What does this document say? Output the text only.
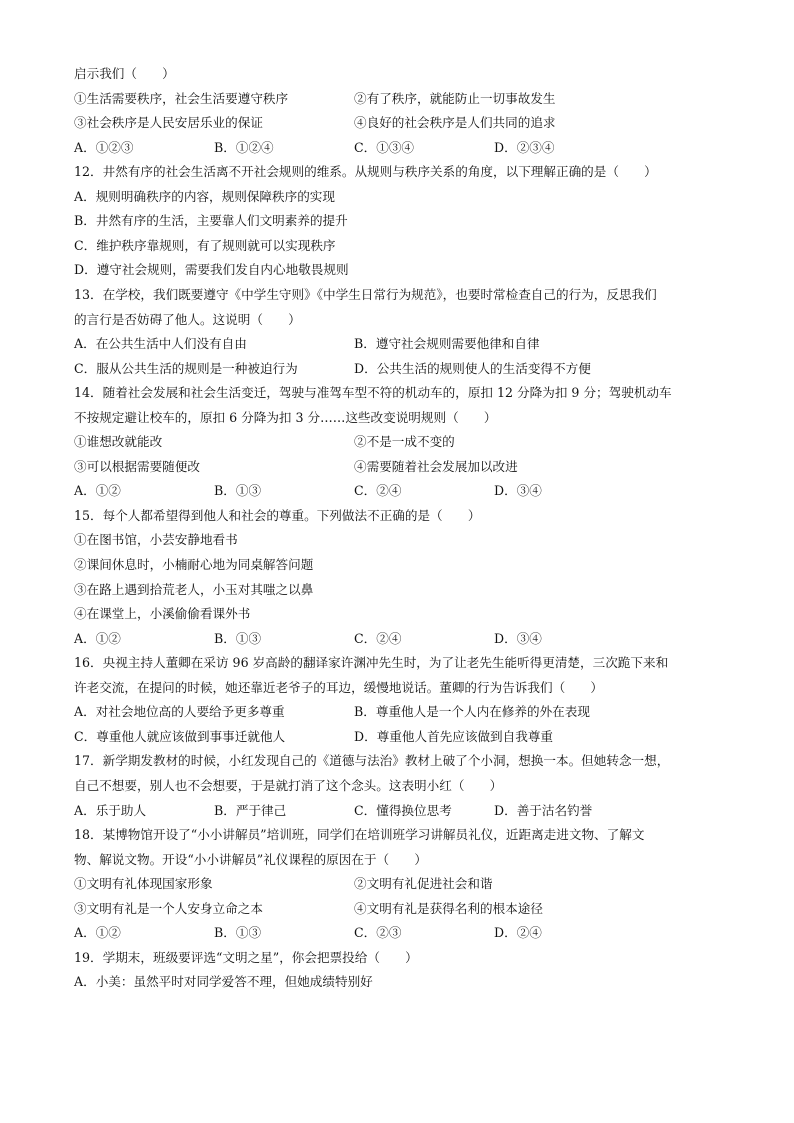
启示我们（　　）
①生活需要秩序，社会生活要遵守秩序	②有了秩序，就能防止一切事故发生
③社会秩序是人民安居乐业的保证	④良好的社会秩序是人们共同的追求
A．①②③	B．①②④	C．①③④	D．②③④
12．井然有序的社会生活离不开社会规则的维系。从规则与秩序关系的角度，以下理解正确的是（　　）
A．规则明确秩序的内容，规则保障秩序的实现
B．井然有序的生活，主要靠人们文明素养的提升
C．维护秩序靠规则，有了规则就可以实现秩序
D．遵守社会规则，需要我们发自内心地敬畏规则
13．在学校，我们既要遵守《中学生守则》《中学生日常行为规范》，也要时常检查自己的行为，反思我们
的言行是否妨碍了他人。这说明（　　）
A．在公共生活中人们没有自由	B．遵守社会规则需要他律和自律
C．服从公共生活的规则是一种被迫行为	D．公共生活的规则使人的生活变得不方便
14．随着社会发展和社会生活变迁，驾驶与准驾车型不符的机动车的，原扣 12 分降为扣 9 分；驾驶机动车
不按规定避让校车的，原扣 6 分降为扣 3 分……这些改变说明规则（　　）
①谁想改就能改	②不是一成不变的
③可以根据需要随便改	④需要随着社会发展加以改进
A．①②	B．①③	C．②④	D．③④
15．每个人都希望得到他人和社会的尊重。下列做法不正确的是（　　）
①在图书馆，小芸安静地看书
②课间休息时，小楠耐心地为同桌解答问题
③在路上遇到拾荒老人，小玉对其嗤之以鼻
④在课堂上，小溪偷偷看课外书
A．①②	B．①③	C．②④	D．③④
16．央视主持人董卿在采访 96 岁高龄的翻译家许渊冲先生时，为了让老先生能听得更清楚，三次跪下来和
许老交流，在提问的时候，她还靠近老爷子的耳边，缓慢地说话。董卿的行为告诉我们（　　）
A．对社会地位高的人要给予更多尊重	B．尊重他人是一个人内在修养的外在表现
C．尊重他人就应该做到事事迁就他人	D．尊重他人首先应该做到自我尊重
17．新学期发教材的时候，小红发现自己的《道德与法治》教材上破了个小洞，想换一本。但她转念一想，
自己不想要，别人也不会想要，于是就打消了这个念头。这表明小红（　　）
A．乐于助人	B．严于律己	C．懂得换位思考	D．善于沽名钓誉
18．某博物馆开设了“小小讲解员”培训班，同学们在培训班学习讲解员礼仪，近距离走进文物、了解文
物、解说文物。开设“小小讲解员”礼仪课程的原因在于（　　）
①文明有礼体现国家形象	②文明有礼促进社会和谐
③文明有礼是一个人安身立命之本	④文明有礼是获得名利的根本途径
A．①②	B．①③	C．②③	D．②④
19．学期末，班级要评选“文明之星”，你会把票投给（　　）
A．小美：虽然平时对同学爱答不理，但她成绩特别好
